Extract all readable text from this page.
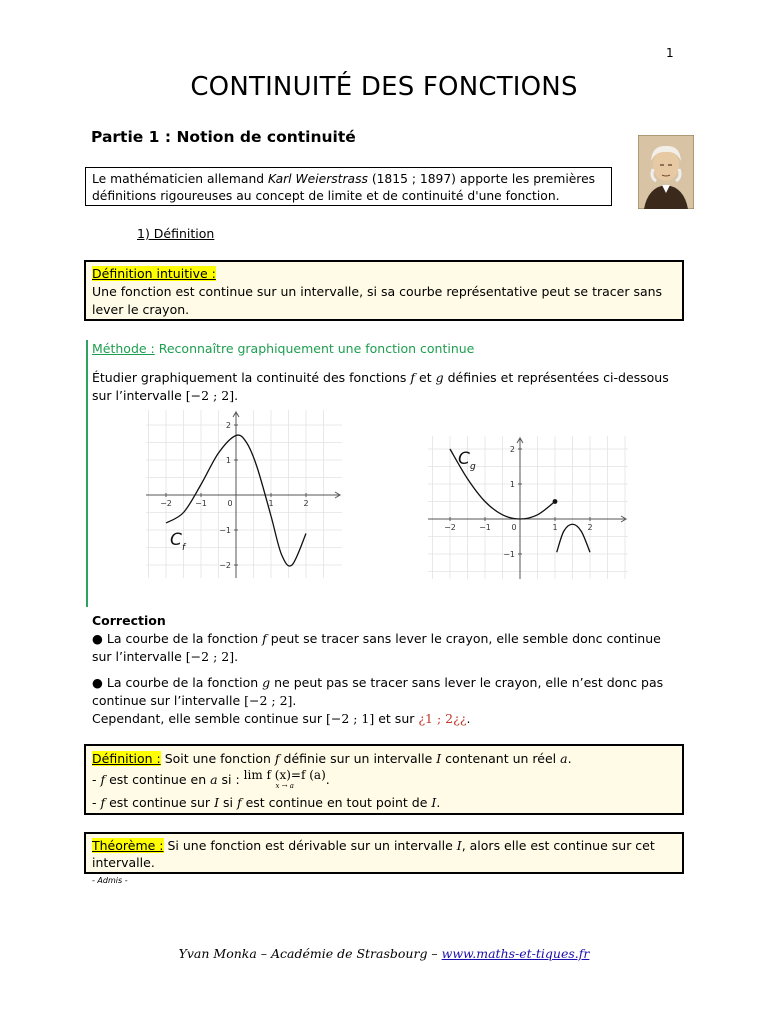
1
CONTINUITÉ DES FONCTIONS
Partie 1 : Notion de continuité
Le mathématicien allemand Karl Weierstrass (1815 ; 1897) apporte les premières
définitions rigoureuses au concept de limite et de continuité d'une fonction.
1) Définition
Définition intuitive :
Une fonction est continue sur un intervalle, si sa courbe représentative peut se tracer sans
lever le crayon.
Méthode : Reconnaître graphiquement une fonction continue
Étudier graphiquement la continuité des fonctions f et g définies et représentées ci-dessous
sur l’intervalle [−2 ; 2].
−2	−1	0	1	2
2
1
−1
−2
C f
−2	−1	0	1	2
2
1
−1
C g
Correction
● La courbe de la fonction f peut se tracer sans lever le crayon, elle semble donc continue
sur l’intervalle [−2 ; 2].
● La courbe de la fonction g ne peut pas se tracer sans lever le crayon, elle n’est donc pas
continue sur l’intervalle [−2 ; 2].
Cependant, elle semble continue sur [−2 ; 1] et sur ¿1 ; 2¿¿.
Définition : Soit une fonction f définie sur un intervalle I contenant un réel a.
- f est continue en a si : lim f (x)=f (a)
x → a	.
- f est continue sur I si f est continue en tout point de I.
Théorème : Si une fonction est dérivable sur un intervalle I, alors elle est continue sur cet
intervalle.
- Admis -
Yvan Monka – Académie de Strasbourg – www.maths-et-tiques.fr
